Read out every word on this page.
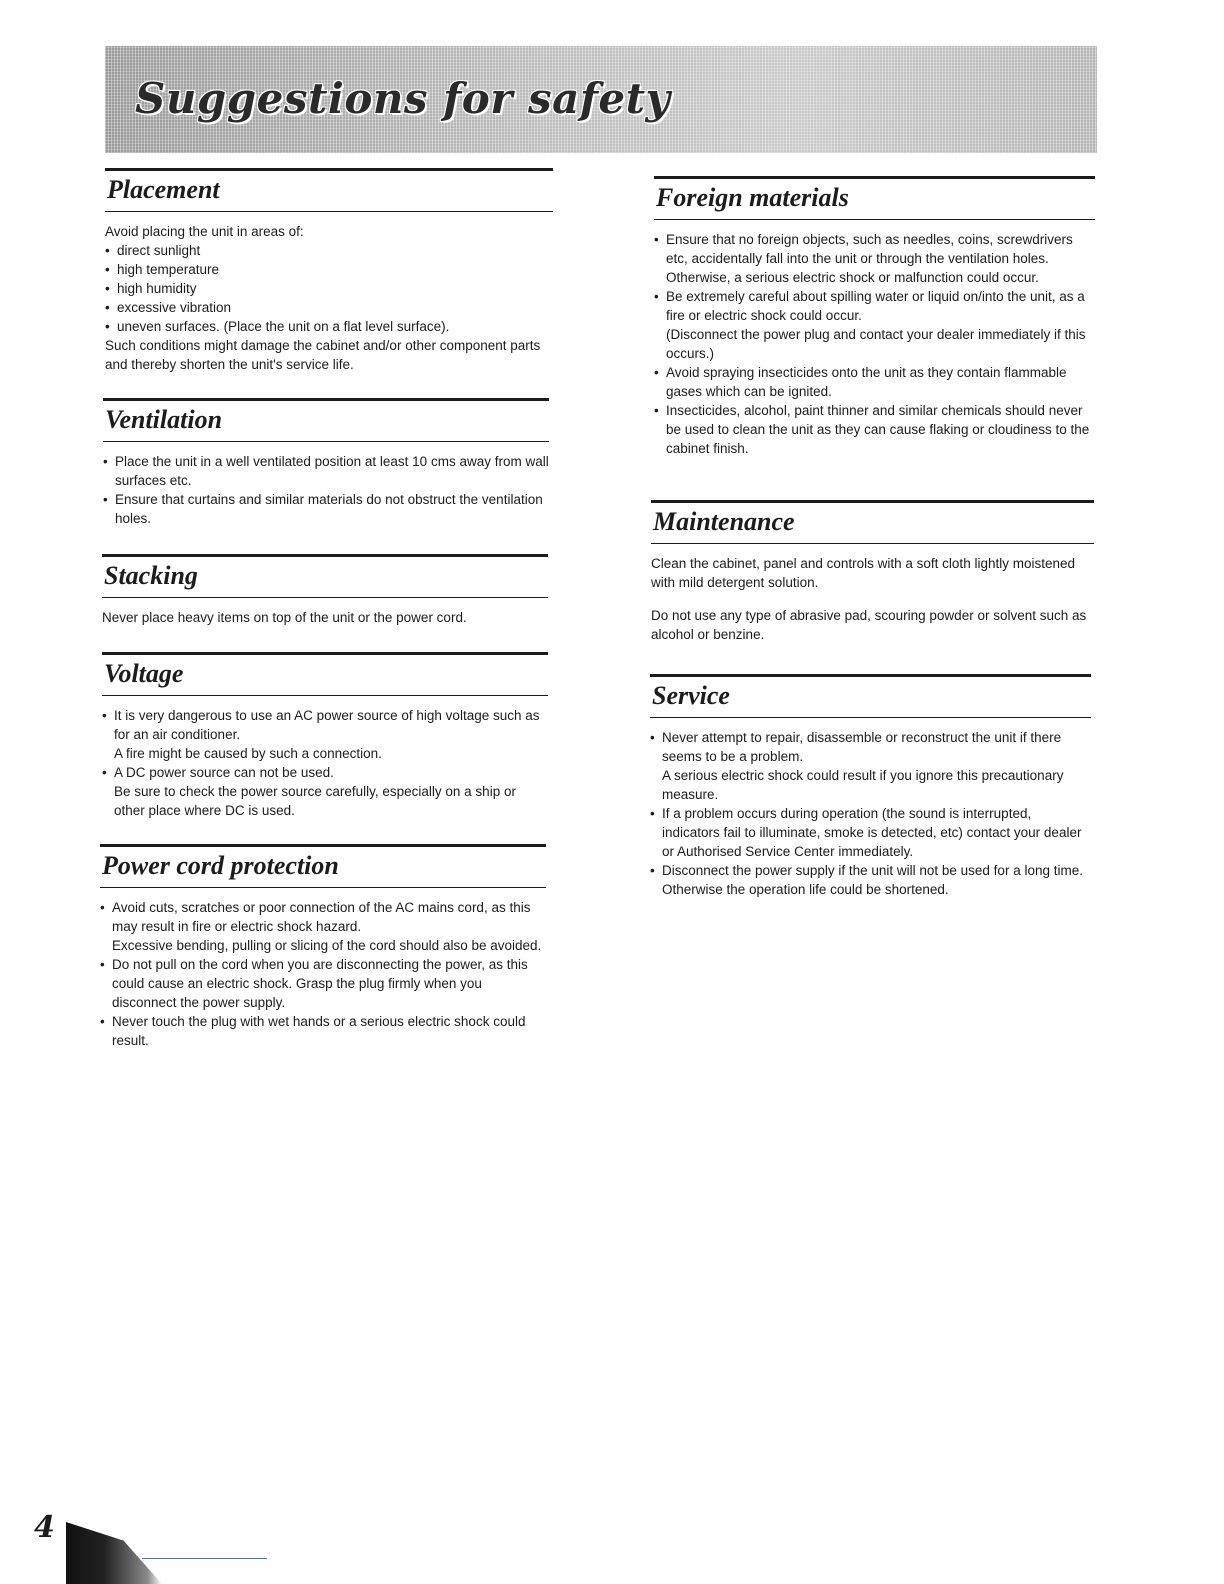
Suggestions for safety
Placement

Avoid placing the unit in areas of:

• direct sunlight
• high temperature
• high humidity
• excessive vibration
• uneven surfaces. (Place the unit on a flat level surface).

Such conditions might damage the cabinet and/or other component parts and thereby shorten the unit's service life.

Ventilation
• Place the unit in a well ventilated position at least 10 cms away from wall surfaces etc.
• Ensure that curtains and similar materials do not obstruct the ventilation holes.
Stacking

Never place heavy items on top of the unit or the power cord.

Voltage

• It is very dangerous to use an AC power source of high voltage such as for an air conditioner.

A fire might be caused by such a connection.

• A DC power source can not be used.

Be sure to check the power source carefully, especially on a ship or other place where DC is used.

Power cord protection

• Avoid cuts, scratches or poor connection of the AC mains cord, as this may result in fire or electric shock hazard.

Excessive bending, pulling or slicing of the cord should also be avoided.

• Do not pull on the cord when you are disconnecting the power, as this could cause an electric shock. Grasp the plug firmly when you disconnect the power supply.

• Never touch the plug with wet hands or a serious electric shock could result.

Foreign materials

• Ensure that no foreign objects, such as needles, coins, screwdrivers etc, accidentally fall into the unit or through the ventilation holes.

Otherwise, a serious electric shock or malfunction could occur.

• Be extremely careful about spilling water or liquid on/into the unit, as a fire or electric shock could occur.

(Disconnect the power plug and contact your dealer immediately if this occurs.)

• Avoid spraying insecticides onto the unit as they contain flammable gases which can be ignited.

• Insecticides, alcohol, paint thinner and similar chemicals should never be used to clean the unit as they can cause flaking or cloudiness to the cabinet finish.

Maintenance

Clean the cabinet, panel and controls with a soft cloth lightly moistened with mild detergent solution.

Do not use any type of abrasive pad, scouring powder or solvent such as alcohol or benzine.

Service

• Never attempt to repair, disassemble or reconstruct the unit if there seems to be a problem.

A serious electric shock could result if you ignore this precautionary measure.

• If a problem occurs during operation (the sound is interrupted, indicators fail to illuminate, smoke is detected, etc) contact your dealer or Authorised Service Center immediately.

• Disconnect the power supply if the unit will not be used for a long time. Otherwise the operation life could be shortened.

4
